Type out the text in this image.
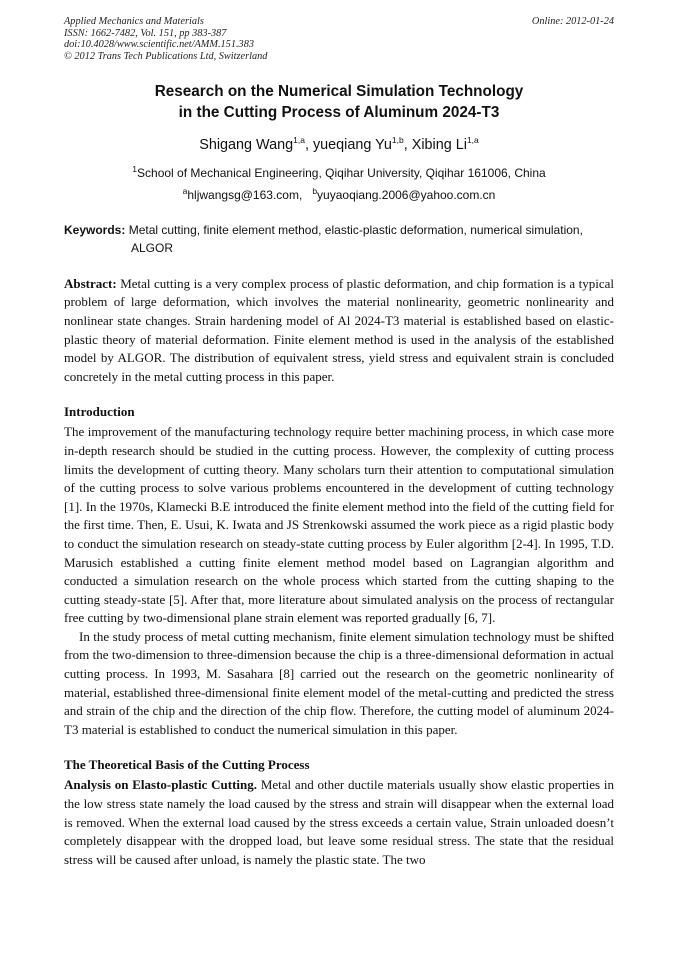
Applied Mechanics and Materials
ISSN: 1662-7482, Vol. 151, pp 383-387
doi:10.4028/www.scientific.net/AMM.151.383
© 2012 Trans Tech Publications Ltd, Switzerland
Online: 2012-01-24
Research on the Numerical Simulation Technology
in the Cutting Process of Aluminum 2024-T3
Shigang Wang$^{1,a}$, yueqiang Yu$^{1,b}$, Xibing Li$^{1,a}$
$^1$School of Mechanical Engineering, Qiqihar University, Qiqihar 161006, China
$^a$hljwangsg@163.com, $^b$yuyaoqiang.2006@yahoo.com.cn
Keywords: Metal cutting, finite element method, elastic-plastic deformation, numerical simulation,
ALGOR
Abstract: Metal cutting is a very complex process of plastic deformation, and chip formation is a typical problem of large deformation, which involves the material nonlinearity, geometric nonlinearity and nonlinear state changes. Strain hardening model of Al 2024-T3 material is established based on elastic-plastic theory of material deformation. Finite element method is used in the analysis of the established model by ALGOR. The distribution of equivalent stress, yield stress and equivalent strain is concluded concretely in the metal cutting process in this paper.
Introduction

The improvement of the manufacturing technology require better machining process, in which case more in-depth research should be studied in the cutting process. However, the complexity of cutting process limits the development of cutting theory. Many scholars turn their attention to computational simulation of the cutting process to solve various problems encountered in the development of cutting technology [1]. In the 1970s, Klamecki B.E introduced the finite element method into the field of the cutting field for the first time. Then, E. Usui, K. Iwata and JS Strenkowski assumed the work piece as a rigid plastic body to conduct the simulation research on steady-state cutting process by Euler algorithm [2-4]. In 1995, T.D. Marusich established a cutting finite element method model based on Lagrangian algorithm and conducted a simulation research on the whole process which started from the cutting shaping to the cutting steady-state [5]. After that, more literature about simulated analysis on the process of rectangular free cutting by two-dimensional plane strain element was reported gradually [6, 7].

In the study process of metal cutting mechanism, finite element simulation technology must be shifted from the two-dimension to three-dimension because the chip is a three-dimensional deformation in actual cutting process. In 1993, M. Sasahara [8] carried out the research on the geometric nonlinearity of material, established three-dimensional finite element model of the metal-cutting and predicted the stress and strain of the chip and the direction of the chip flow. Therefore, the cutting model of aluminum 2024-T3 material is established to conduct the numerical simulation in this paper.

The Theoretical Basis of the Cutting Process

Analysis on Elasto-plastic Cutting. Metal and other ductile materials usually show elastic properties in the low stress state namely the load caused by the stress and strain will disappear when the external load is removed. When the external load caused by the stress exceeds a certain value, Strain unloaded doesn’t completely disappear with the dropped load, but leave some residual stress. The state that the residual stress will be caused after unload, is namely the plastic state. The two
